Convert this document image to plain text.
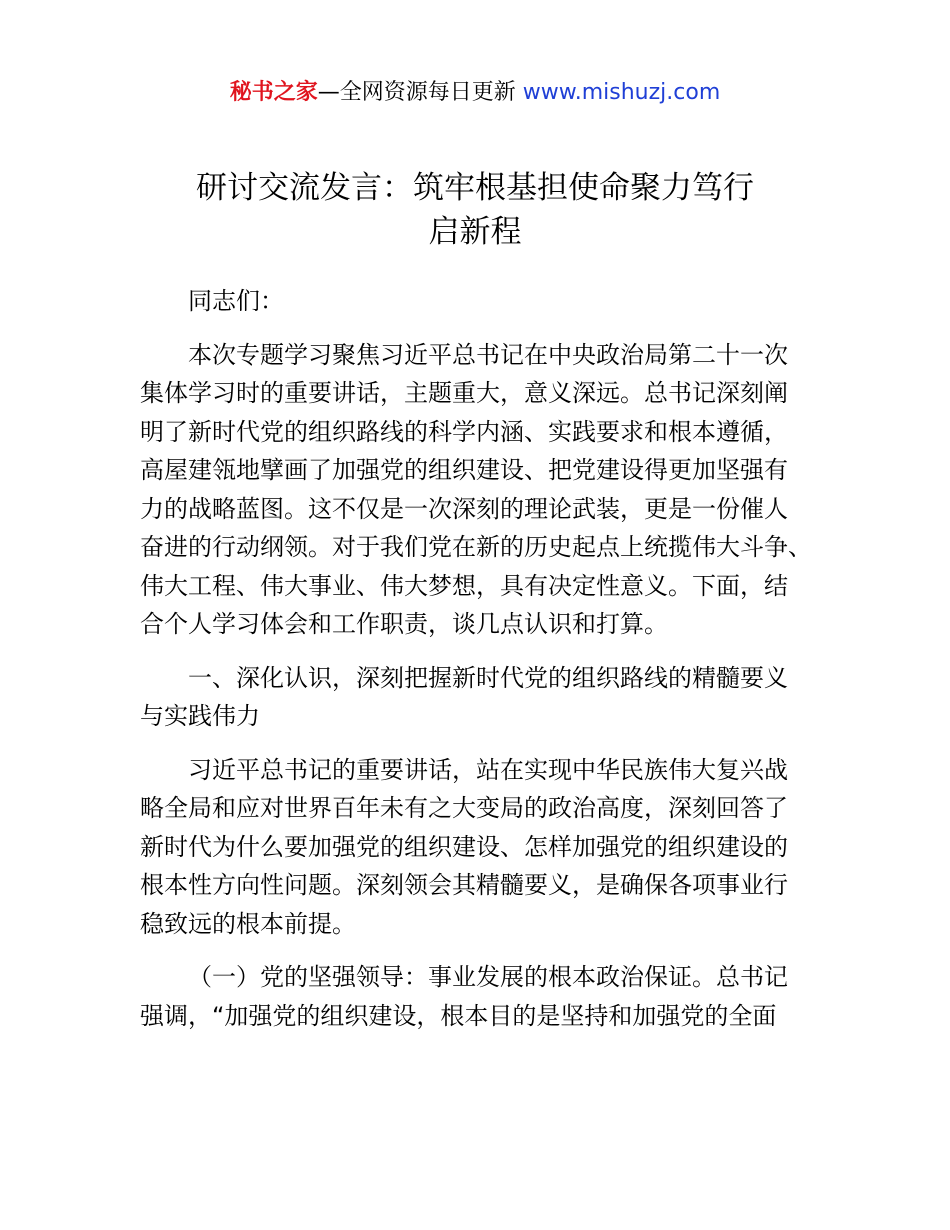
秘书之家—全网资源每日更新 www.mishuzj.com
研讨交流发言：筑牢根基担使命聚力笃行
启新程

同志们：

本次专题学习聚焦习近平总书记在中央政治局第二十一次
集体学习时的重要讲话，主题重大，意义深远。总书记深刻阐
明了新时代党的组织路线的科学内涵、实践要求和根本遵循，
高屋建瓴地擘画了加强党的组织建设、把党建设得更加坚强有
力的战略蓝图。这不仅是一次深刻的理论武装，更是一份催人
奋进的行动纲领。对于我们党在新的历史起点上统揽伟大斗争、
伟大工程、伟大事业、伟大梦想，具有决定性意义。下面，结
合个人学习体会和工作职责，谈几点认识和打算。

一、深化认识，深刻把握新时代党的组织路线的精髓要义
与实践伟力

习近平总书记的重要讲话，站在实现中华民族伟大复兴战
略全局和应对世界百年未有之大变局的政治高度，深刻回答了
新时代为什么要加强党的组织建设、怎样加强党的组织建设的
根本性方向性问题。深刻领会其精髓要义，是确保各项事业行
稳致远的根本前提。

（一）党的坚强领导：事业发展的根本政治保证。总书记
强调，“加强党的组织建设，根本目的是坚持和加强党的全面
